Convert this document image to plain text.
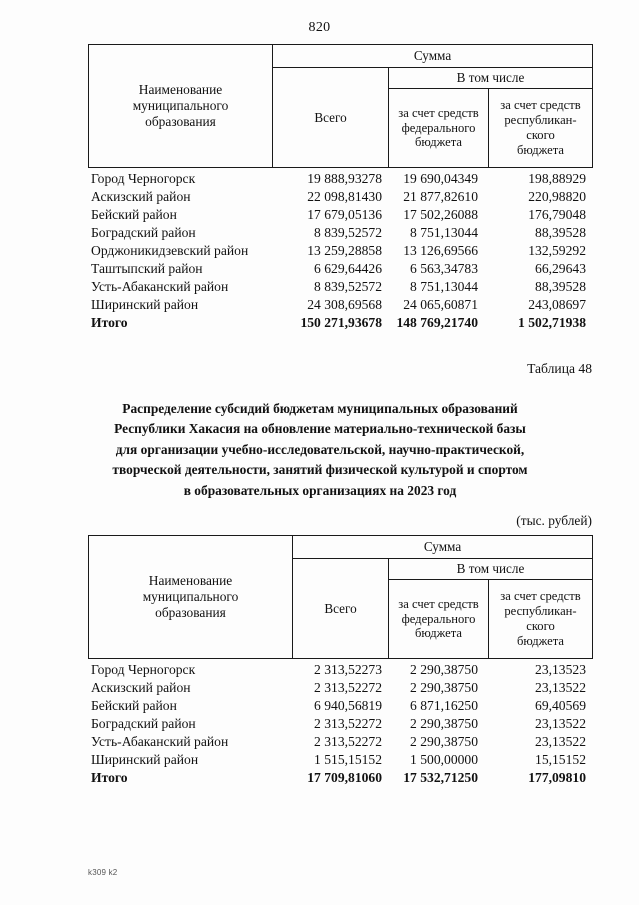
820
Наименование
муниципального
образования	Сумма		
	Всего	В том числе	

за счет средств
федерального
бюджета

за счет средств
республикан-
ского
бюджета
Город Черногорск	19 888,93278	19 690,04349	198,88929
Аскизский район	22 098,81430	21 877,82610	220,98820
Бейский район	17 679,05136	17 502,26088	176,79048
Боградский район	8 839,52572	8 751,13044	88,39528
Орджоникидзевский район	13 259,28858	13 126,69566	132,59292
Таштыпский район	6 629,64426	6 563,34783	66,29643
Усть-Абаканский район	8 839,52572	8 751,13044	88,39528
Ширинский район	24 308,69568	24 065,60871	243,08697
Итого	150 271,93678	148 769,21740	1 502,71938
Таблица 48
Распределение субсидий бюджетам муниципальных образований
Республики Хакасия на обновление материально-технической базы
для организации учебно-исследовательской, научно-практической,
творческой деятельности, занятий физической культурой и спортом
в образовательных организациях на 2023 год
(тыс. рублей)
Наименование
муниципального
образования	Сумма		
	Всего	В том числе	

за счет средств
федерального
бюджета

за счет средств
республикан-
ского
бюджета
Город Черногорск	2 313,52273	2 290,38750	23,13523
Аскизский район	2 313,52272	2 290,38750	23,13522
Бейский район	6 940,56819	6 871,16250	69,40569
Боградский район	2 313,52272	2 290,38750	23,13522
Усть-Абаканский район	2 313,52272	2 290,38750	23,13522
Ширинский район	1 515,15152	1 500,00000	15,15152
Итого	17 709,81060	17 532,71250	177,09810
k309 k2
